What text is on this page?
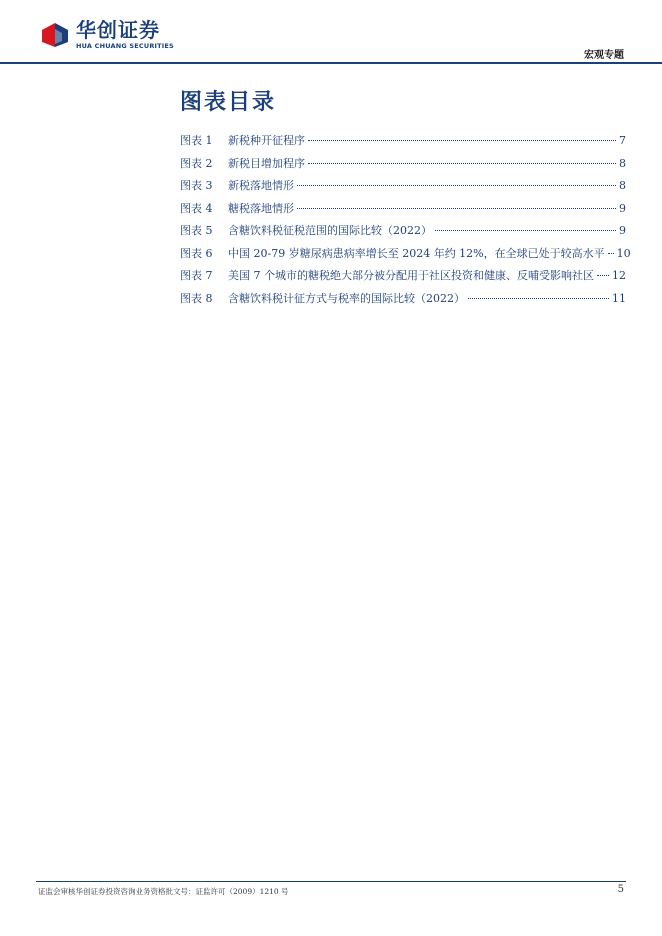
华创证券
HUA CHUANG SECURITIES
宏观专题
图表目录
图表 1	新税种开征程序	7
图表 2	新税目增加程序	8
图表 3	新税落地情形	8
图表 4	糖税落地情形	9
图表 5	含糖饮料税征税范围的国际比较（2022）	9
图表 6	中国 20-79 岁糖尿病患病率增长至 2024 年约 12%，在全球已处于较高水平 10
图表 7	美国 7 个城市的糖税绝大部分被分配用于社区投资和健康、反哺受影响社区 12
图表 8	含糖饮料税计征方式与税率的国际比较（2022）	11
证监会审核华创证券投资咨询业务资格批文号：证监许可（2009）1210 号	5
